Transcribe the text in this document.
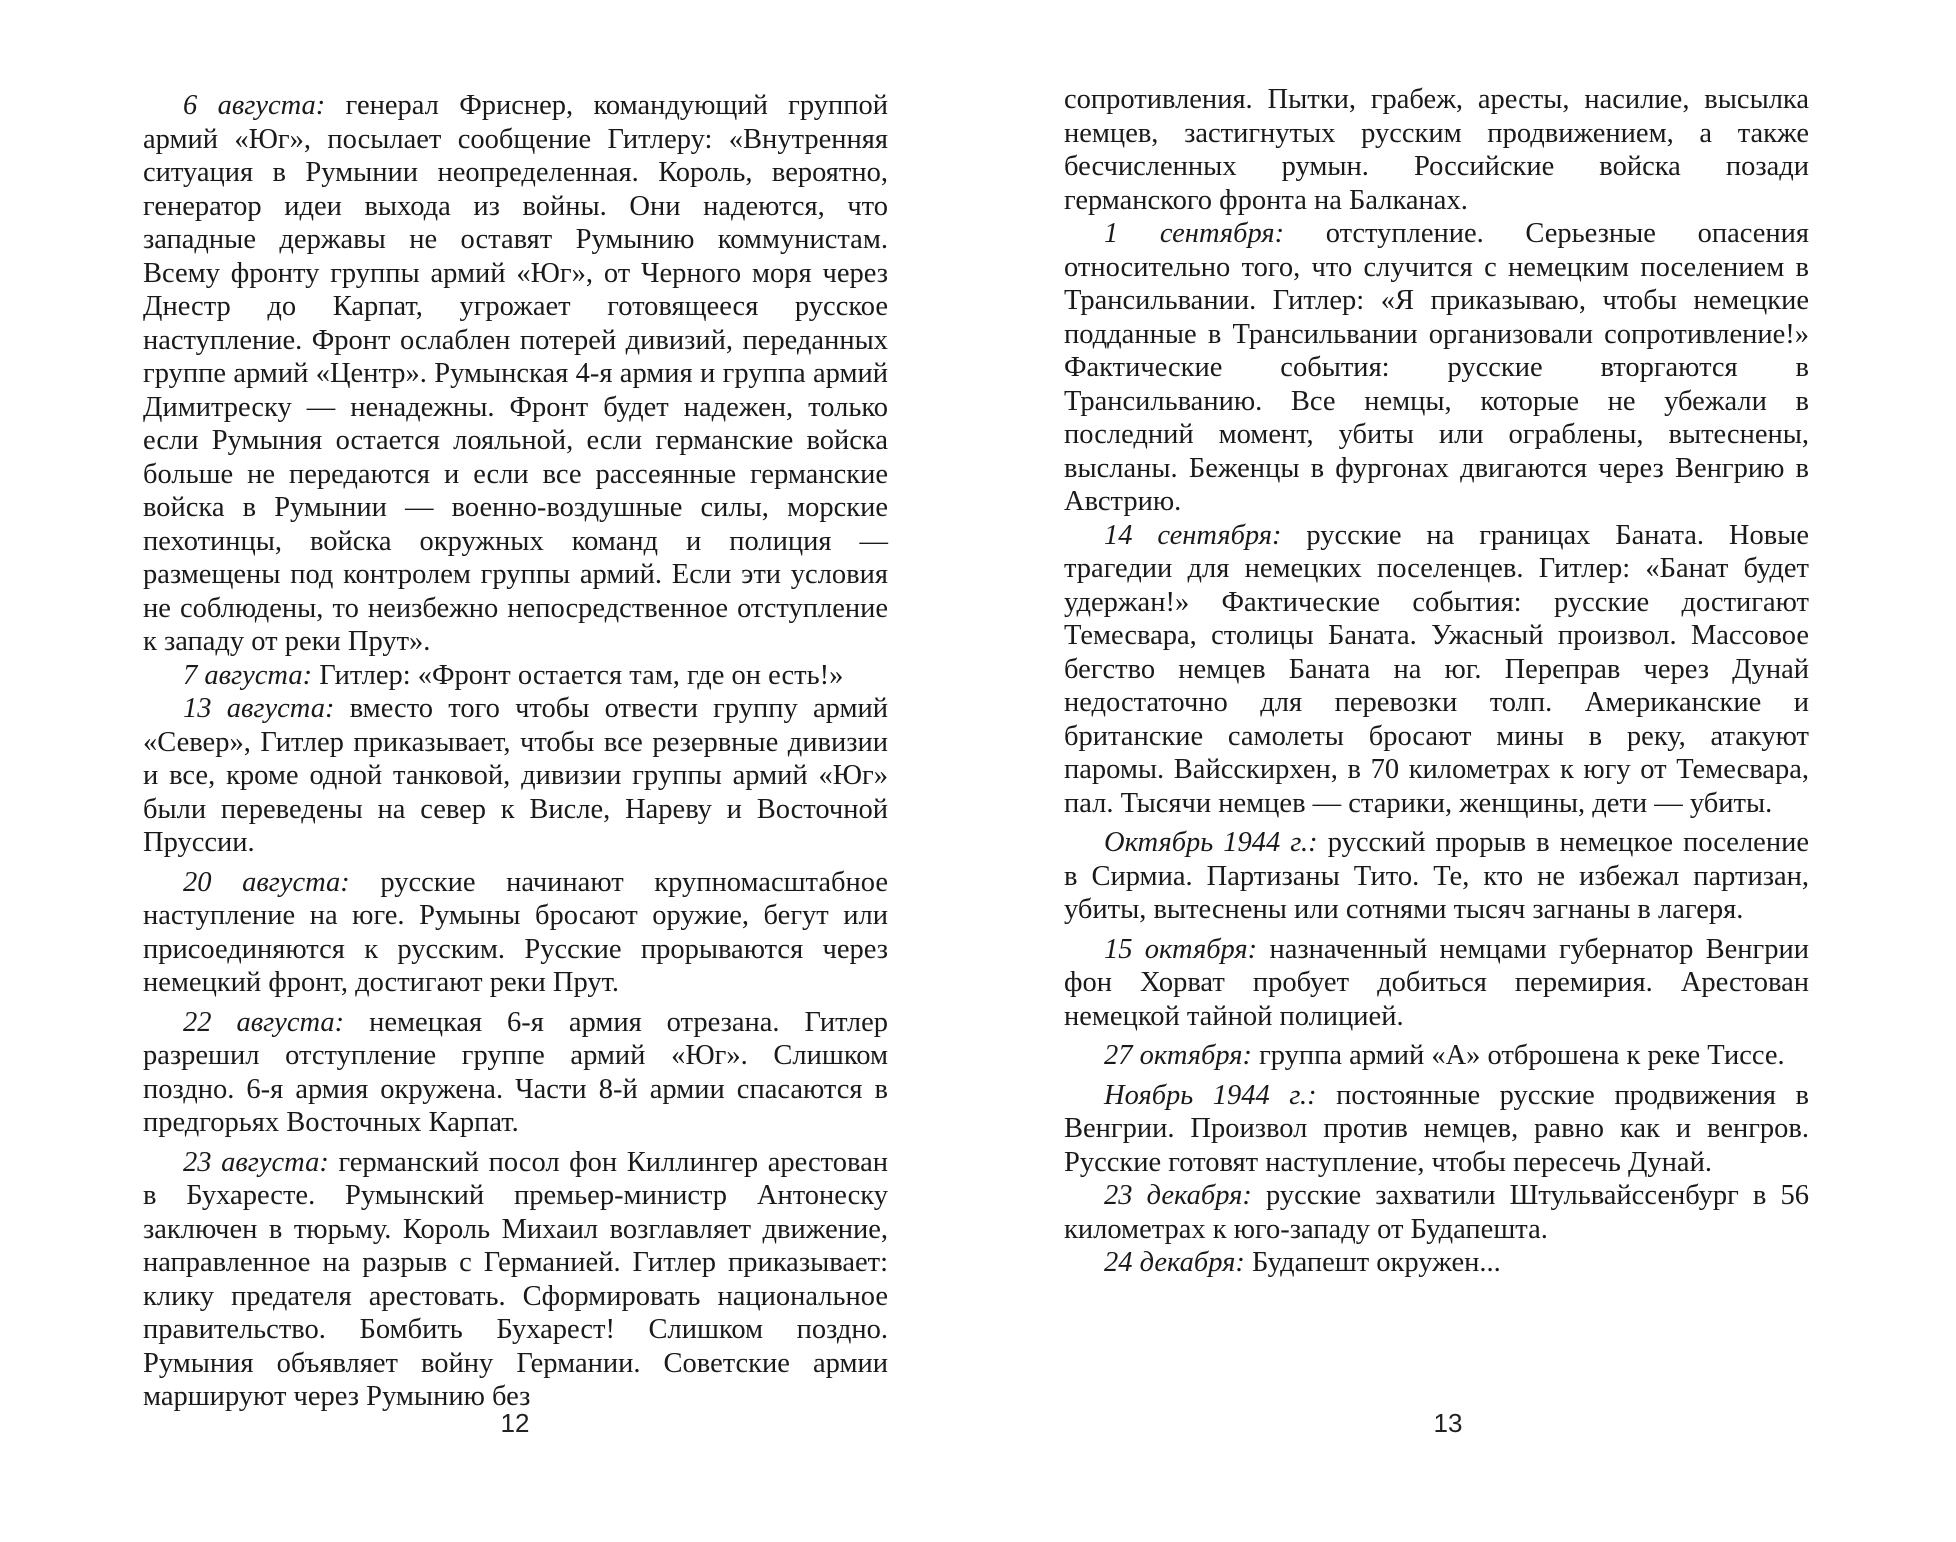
6 августа: генерал Фриснер, командующий группой армий «Юг», посылает сообщение Гитлеру: «Внутренняя ситуация в Румынии неопределенная. Король, вероятно, генератор идеи выхода из войны. Они надеются, что западные державы не оставят Румынию коммунистам. Всему фронту группы армий «Юг», от Черного моря через Днестр до Карпат, угрожает готовящееся русское наступление. Фронт ослаблен потерей дивизий, переданных группе армий «Центр». Румынская 4-я армия и группа армий Димитреску — ненадежны. Фронт будет надежен, только если Румыния остается лояльной, если германские войска больше не передаются и если все рассеянные германские войска в Румынии — военно-воздушные силы, морские пехотинцы, войска окружных команд и полиция — размещены под контролем группы армий. Если эти условия не соблюдены, то неизбежно непосредственное отступление к западу от реки Прут».

7 августа: Гитлер: «Фронт остается там, где он есть!»

13 августа: вместо того чтобы отвести группу армий «Север», Гитлер приказывает, чтобы все резервные дивизии и все, кроме одной танковой, дивизии группы армий «Юг» были переведены на север к Висле, Нареву и Восточной Пруссии.

20 августа: русские начинают крупномасштабное наступление на юге. Румыны бросают оружие, бегут или присоединяются к русским. Русские прорываются через немецкий фронт, достигают реки Прут.

22 августа: немецкая 6-я армия отрезана. Гитлер разрешил отступление группе армий «Юг». Слишком поздно. 6-я армия окружена. Части 8-й армии спасаются в предгорьях Восточных Карпат.

23 августа: германский посол фон Киллингер арестован в Бухаресте. Румынский премьер-министр Антонеску заключен в тюрьму. Король Михаил возглавляет движение, направленное на разрыв с Германией. Гитлер приказывает: клику предателя арестовать. Сформировать национальное правительство. Бомбить Бухарест! Слишком поздно. Румыния объявляет войну Германии. Советские армии маршируют через Румынию без

12

сопротивления. Пытки, грабеж, аресты, насилие, высылка немцев, застигнутых русским продвижением, а также бесчисленных румын. Российские войска позади германского фронта на Балканах.

1 сентября: отступление. Серьезные опасения относительно того, что случится с немецким поселением в Трансильвании. Гитлер: «Я приказываю, чтобы немецкие подданные в Трансильвании организовали сопротивление!» Фактические события: русские вторгаются в Трансильванию. Все немцы, которые не убежали в последний момент, убиты или ограблены, вытеснены, высланы. Беженцы в фургонах двигаются через Венгрию в Австрию.

14 сентября: русские на границах Баната. Новые трагедии для немецких поселенцев. Гитлер: «Банат будет удержан!» Фактические события: русские достигают Темесвара, столицы Баната. Ужасный произвол. Массовое бегство немцев Баната на юг. Переправ через Дунай недостаточно для перевозки толп. Американские и британские самолеты бросают мины в реку, атакуют паромы. Вайсскирхен, в 70 километрах к югу от Темесвара, пал. Тысячи немцев — старики, женщины, дети — убиты.

Октябрь 1944 г.: русский прорыв в немецкое поселение в Сирмиа. Партизаны Тито. Те, кто не избежал партизан, убиты, вытеснены или сотнями тысяч загнаны в лагеря.

15 октября: назначенный немцами губернатор Венгрии фон Хорват пробует добиться перемирия. Арестован немецкой тайной полицией.

27 октября: группа армий «А» отброшена к реке Тиссе.

Ноябрь 1944 г.: постоянные русские продвижения в Венгрии. Произвол против немцев, равно как и венгров. Русские готовят наступление, чтобы пересечь Дунай.

23 декабря: русские захватили Штульвайссенбург в 56 километрах к юго-западу от Будапешта.

24 декабря: Будапешт окружен...

13
